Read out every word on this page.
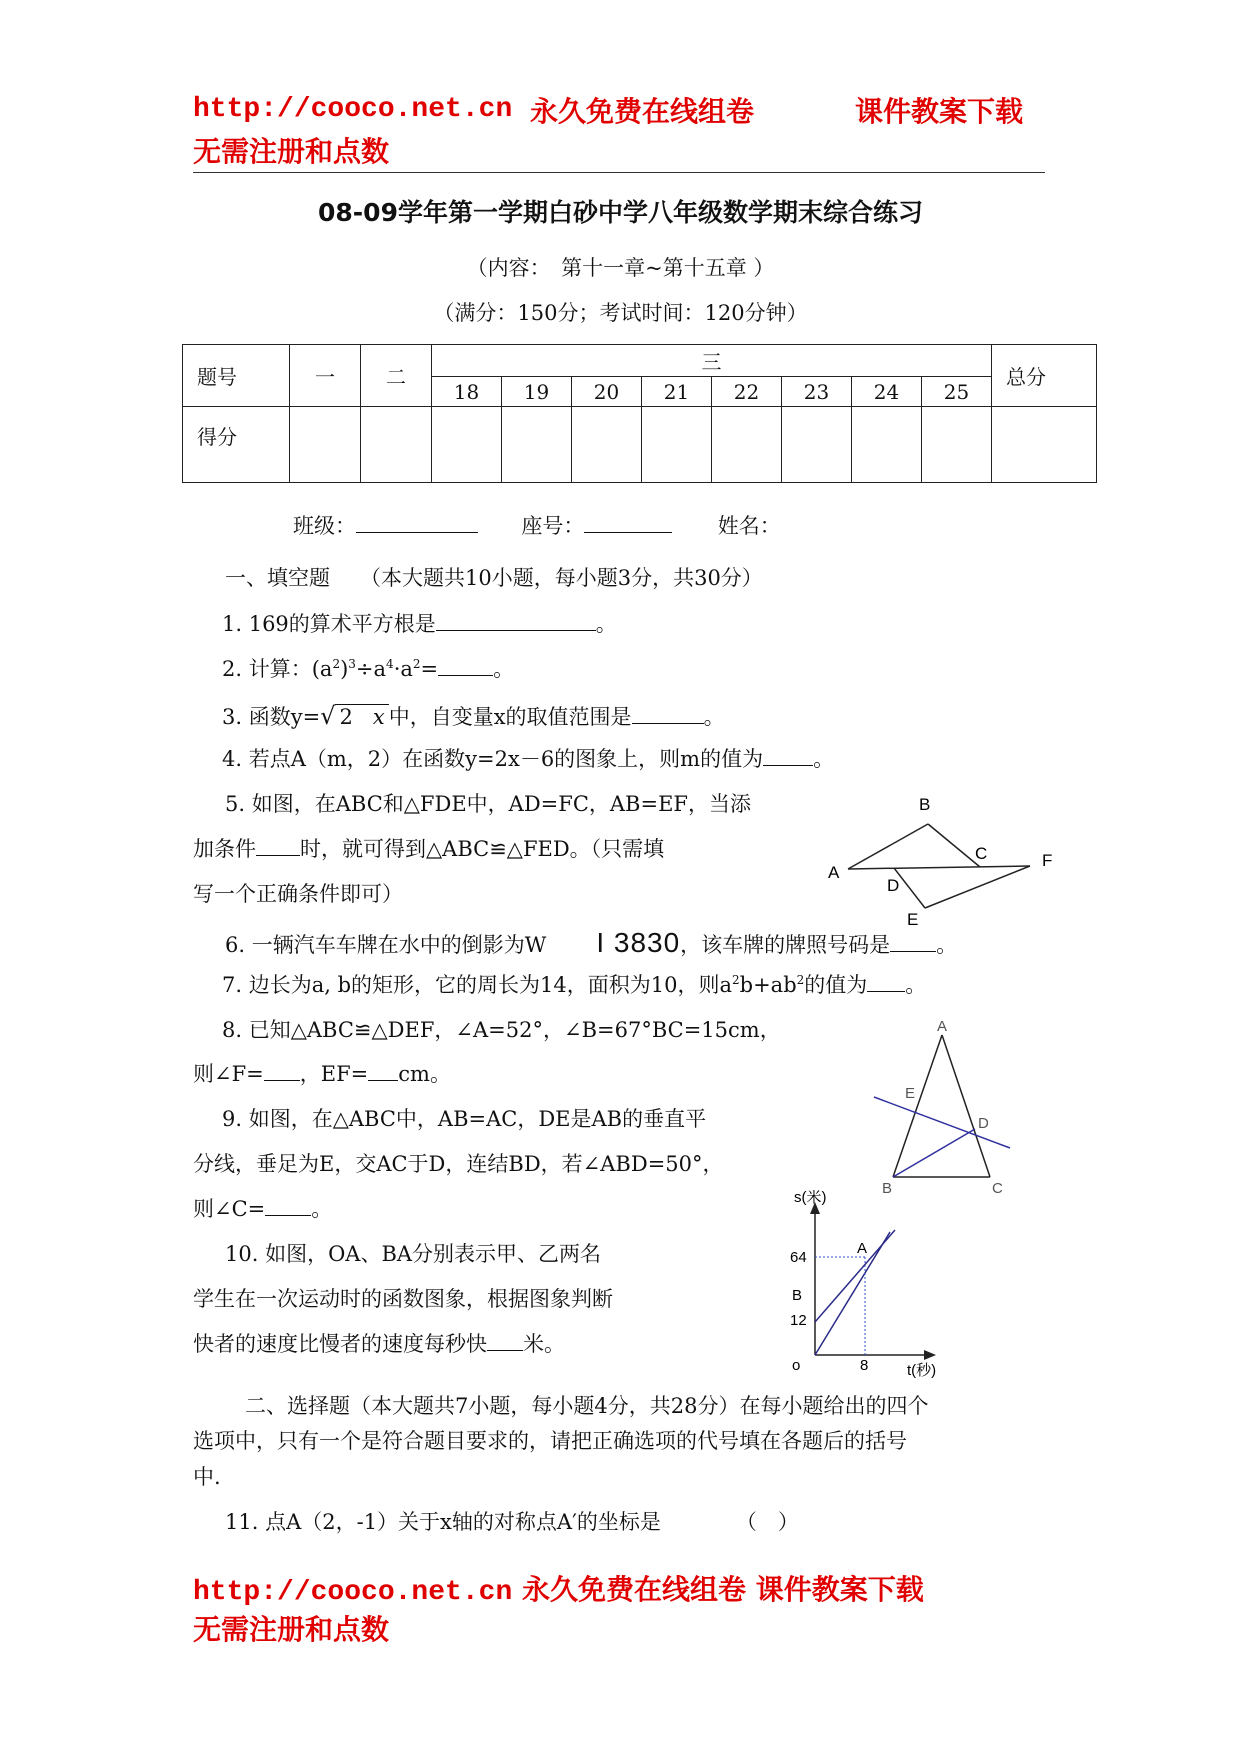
http://cooco.net.cn 永久免费在线组卷	课件教案下载
无需注册和点数
08-09学年第一学期白砂中学八年级数学期末综合练习
（内容：　第十一章~第十五章 ）
（满分：150分；考试时间：120分钟）
题号	一	二	三								总分
			18	19	20	21	22	23	24	25	
得分											
班级：	座号：	姓名：
一、填空题 （本大题共10小题，每小题3分，共30分）
1. 169的算术平方根是	。
2. 计算：$(a^2)^3\div a^4\cdot a^2=$	。
3. 函数y=√ 2 x 中，自变量x的取值范围是	。
4. 若点A（m，2）在函数y=2x－6的图象上，则m的值为 。
5. 如图，在ABC和△FDE中，AD=FC，AB=EF，当添
加条件 时，就可得到△ABC≌△FED。（只需填
写一个正确条件即可）
B
C
A
F
D
E
6. 一辆汽车车牌在水中的倒影为W I 3830，该车牌的牌照号码是 。
7. 边长为a, b的矩形，它的周长为14，面积为10，则$a^2b+ab^2$的值为 。
8. 已知△ABC≌△DEF，∠A=52°，∠B=67°BC=15cm，
则∠F= ，EF= cm。
A
E
D
B	C
9. 如图，在△ABC中，AB=AC，DE是AB的垂直平
分线，垂足为E，交AC于D，连结BD，若∠ABD=50°，
则∠C= 。
10. 如图，OA、BA分别表示甲、乙两名
学生在一次运动时的函数图象，根据图象判断
快者的速度比慢者的速度每秒快 米。
s(米)
64
A
B
12
o	8	t(秒)
二、选择题（本大题共7小题，每小题4分，共28分）在每小题给出的四个
选项中，只有一个是符合题目要求的，请把正确选项的代号填在各题后的括号
中.
11. 点A（2，-1）关于x轴的对称点A′的坐标是	（　）
http://cooco.net.cn 永久免费在线组卷 课件教案下载
无需注册和点数
